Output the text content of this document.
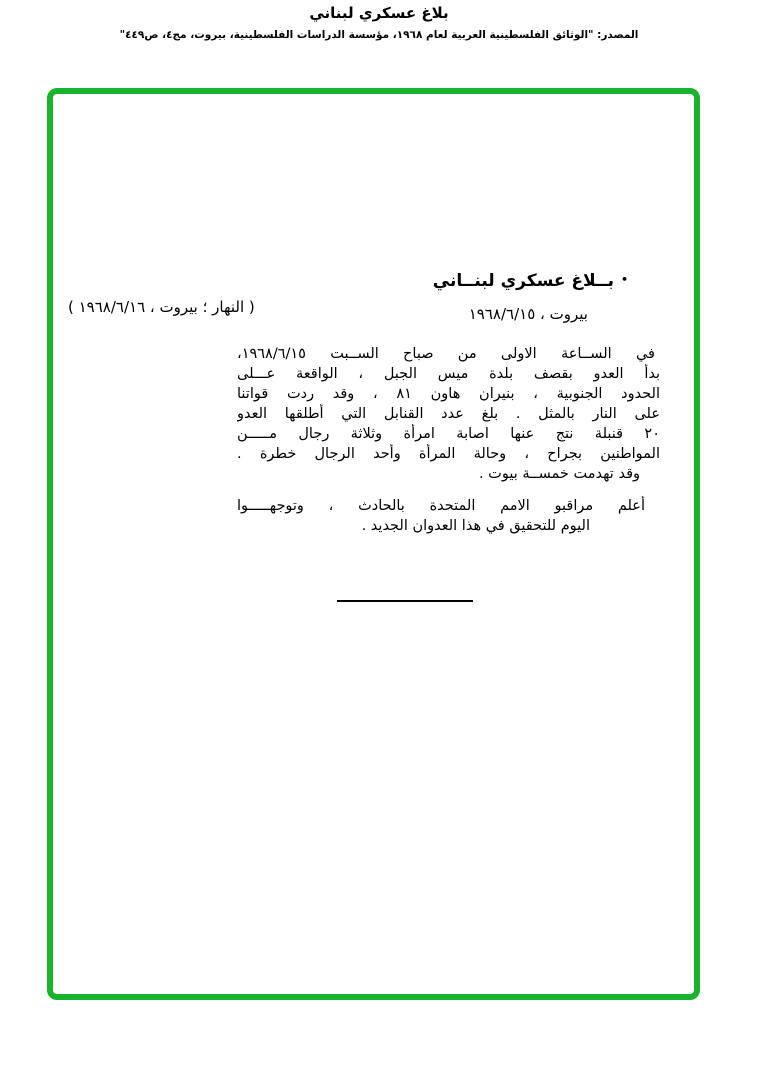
بلاغ عسكري لبناني
المصدر: "الوثائق الفلسطينية العربية لعام ١٩٦٨، مؤسسة الدراسات الفلسطينية، بيروت، مج٤، ص٤٤٩"
•بــلاغ عسكري لبنــاني
بيروت ، ١٩٦٨/٦/١٥
( النهار ؛ بيروت ، ١٩٦٨/٦/١٦ )
في الســاعة الاولى من صباح الســبت ١٩٦٨/٦/١٥،
بدأ العدو بقصف بلدة ميس الجبل ، الواقعة عـــلى
الحدود الجنوبية ، بنيران هاون ٨١ ، وقد ردت قواتنا
على النار بالمثل . بلغ عدد القنابل التي أطلقها العدو
٢٠ قنبلة نتج عنها اصابة امرأة وثلاثة رجال مـــــن
المواطنين بجراح ، وحالة المرأة وأحد الرجال خطرة .
وقد تهدمت خمســة بيوت .
أعلم مراقبو الامم المتحدة بالحادث ، وتوجهـــــوا
اليوم للتحقيق في هذا العدوان الجديد .
